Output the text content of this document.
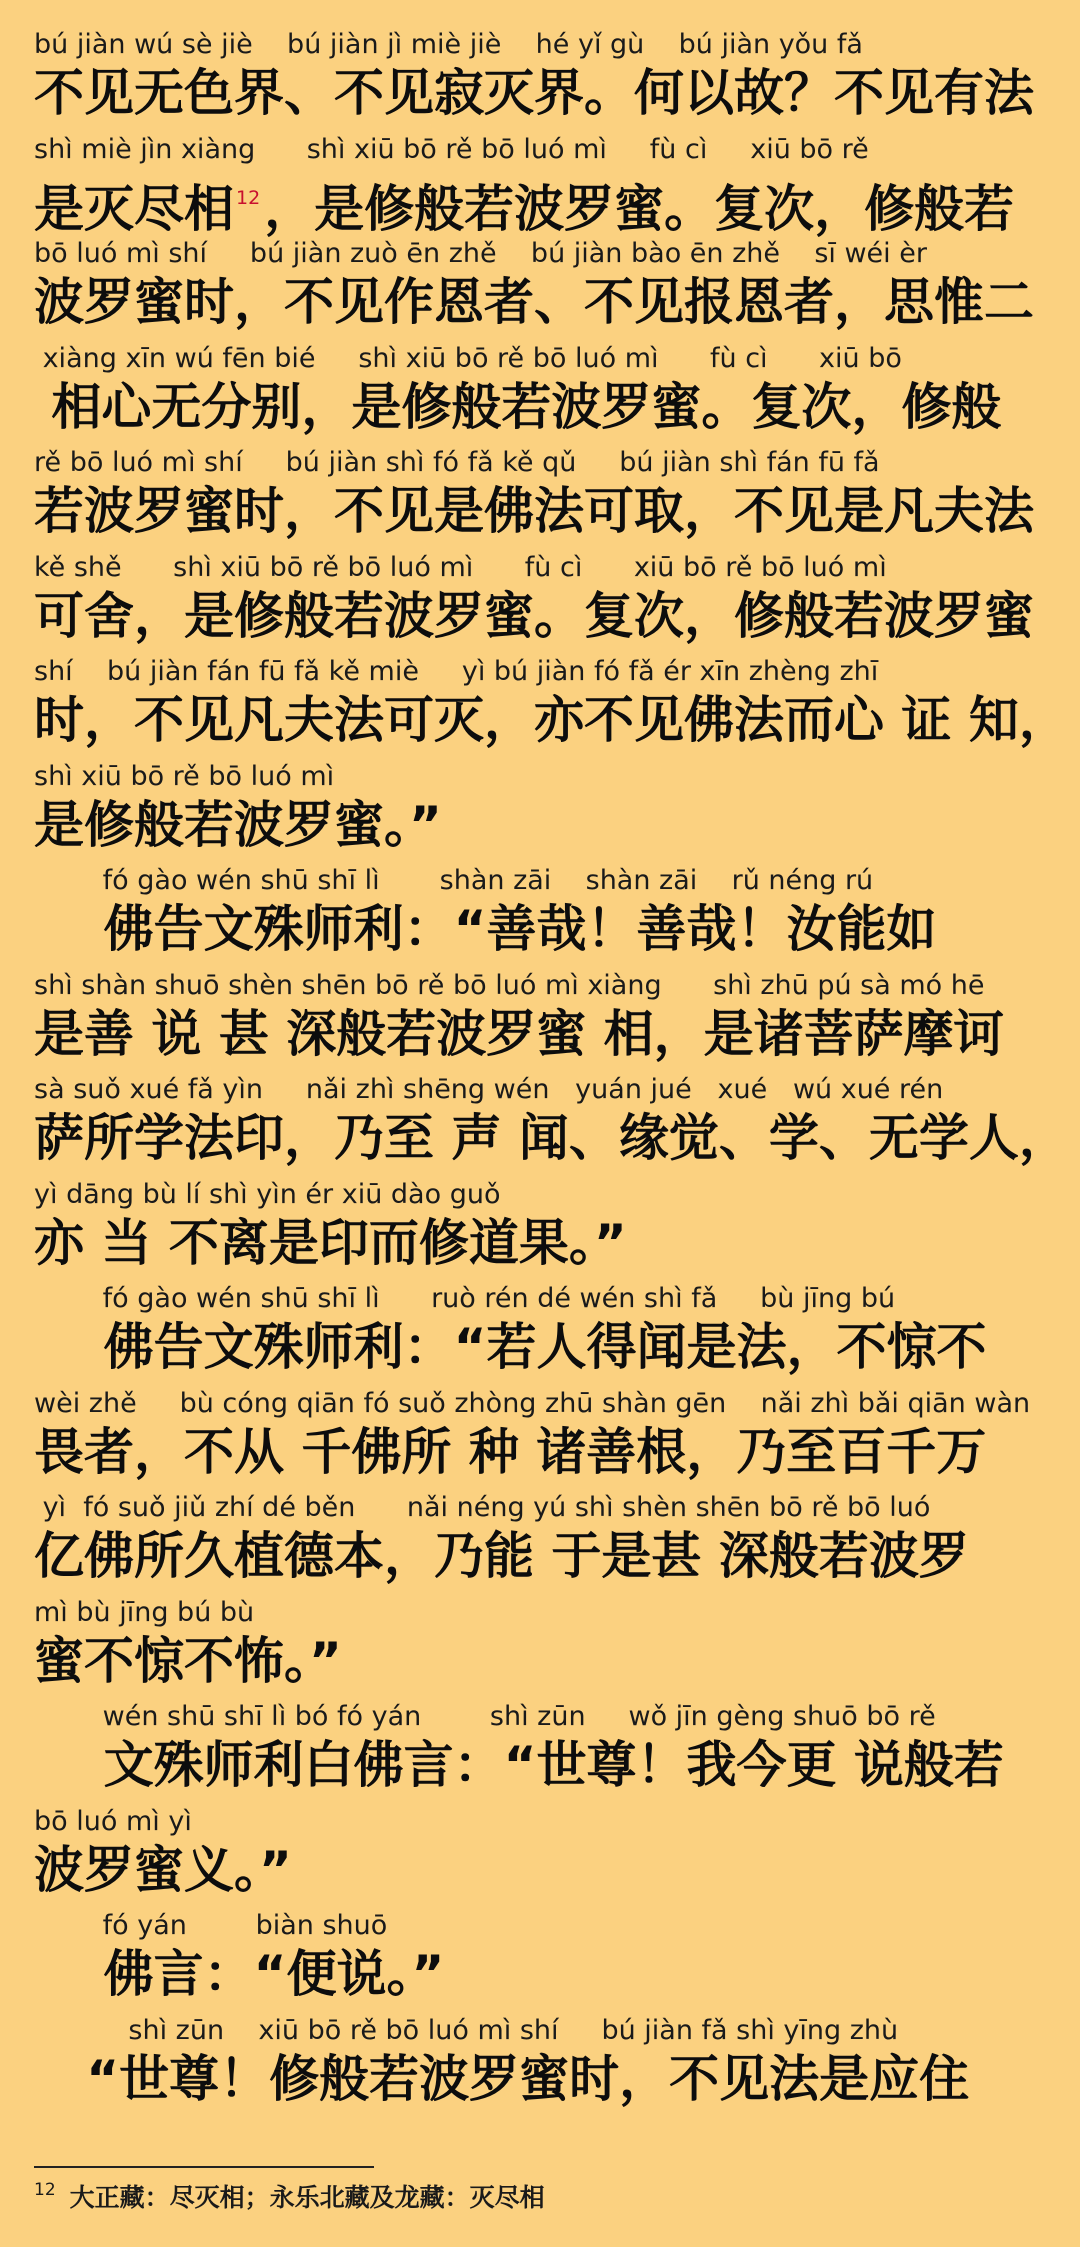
bú jiàn wú sè jiè    bú jiàn jì miè jiè    hé yǐ gù    bú jiàn yǒu fǎ
不见无色界、不见寂灭界。何以故？不见有法
shì miè jìn xiàng      shì xiū bō rě bō luó mì     fù cì     xiū bō rě
是灭尽相 $^{12}$，是修般若波罗蜜。复次，修般若
bō luó mì shí     bú jiàn zuò ēn zhě    bú jiàn bào ēn zhě    sī wéi èr
波罗蜜时，不见作恩者、不见报恩者，思惟二
xiàng xīn wú fēn bié     shì xiū bō rě bō luó mì      fù cì      xiū bō
相心无分别，是修般若波罗蜜。复次，修般
rě bō luó mì shí     bú jiàn shì fó fǎ kě qǔ     bú jiàn shì fán fū fǎ
若波罗蜜时，不见是佛法可取，不见是凡夫法
kě shě      shì xiū bō rě bō luó mì      fù cì      xiū bō rě bō luó mì
可舍，是修般若波罗蜜。复次，修般若波罗蜜
shí    bú jiàn fán fū fǎ kě miè     yì bú jiàn fó fǎ ér xīn zhèng zhī
时，不见凡夫法可灭，亦不见佛法而心 证 知，
shì xiū bō rě bō luó mì
是修般若波罗蜜。”
fó gào wén shū shī lì       shàn zāi    shàn zāi    rǔ néng rú
佛告文殊师利：“善哉！善哉！汝能如
shì shàn shuō shèn shēn bō rě bō luó mì xiàng      shì zhū pú sà mó hē
是善 说 甚 深般若波罗蜜 相，是诸菩萨摩诃
sà suǒ xué fǎ yìn     nǎi zhì shēng wén   yuán jué   xué   wú xué rén
萨所学法印，乃至 声 闻、缘觉、学、无学人，
yì dāng bù lí shì yìn ér xiū dào guǒ
亦 当 不离是印而修道果。”
fó gào wén shū shī lì      ruò rén dé wén shì fǎ     bù jīng bú
佛告文殊师利：“若人得闻是法，不惊不
wèi zhě     bù cóng qiān fó suǒ zhòng zhū shàn gēn    nǎi zhì bǎi qiān wàn
畏者，不从 千佛所 种 诸善根，乃至百千万
yì  fó suǒ jiǔ zhí dé běn      nǎi néng yú shì shèn shēn bō rě bō luó
亿佛所久植德本，乃能 于是甚 深般若波罗
mì bù jīng bú bù
蜜不惊不怖。”
wén shū shī lì bó fó yán        shì zūn     wǒ jīn gèng shuō bō rě
文殊师利白佛言：“世尊！我今更 说般若
bō luó mì yì
波罗蜜义。”
fó yán        biàn shuō
佛言：“便说。”
shì zūn    xiū bō rě bō luó mì shí     bú jiàn fǎ shì yīng zhù
“世尊！修般若波罗蜜时，不见法是应住
$^{12}$ 大正藏：尽灭相；永乐北藏及龙藏：灭尽相
